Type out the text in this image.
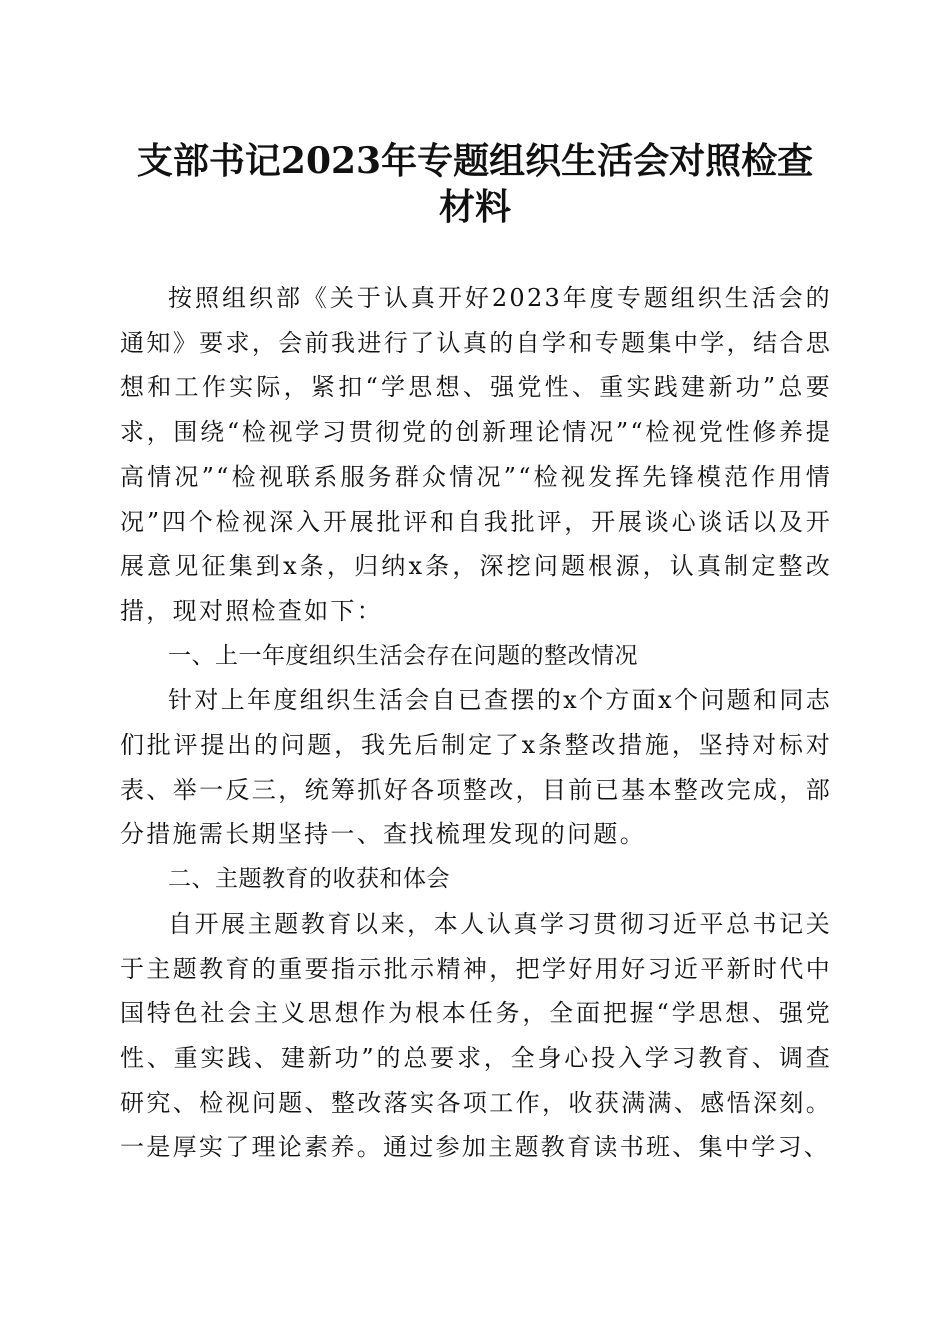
支部书记2023年专题组织生活会对照检查材料

按照组织部《关于认真开好2023年度专题组织生活会的通知》要求，会前我进行了认真的自学和专题集中学，结合思想和工作实际，紧扣“学思想、强党性、重实践建新功”总要求，围绕“检视学习贯彻党的创新理论情况”“检视党性修养提高情况”“检视联系服务群众情况”“检视发挥先锋模范作用情况”四个检视深入开展批评和自我批评，开展谈心谈话以及开展意见征集到x条，归纳x条，深挖问题根源，认真制定整改措，现对照检查如下：

一、上一年度组织生活会存在问题的整改情况

针对上年度组织生活会自已查摆的x个方面x个问题和同志们批评提出的问题，我先后制定了x条整改措施，坚持对标对表、举一反三，统筹抓好各项整改，目前已基本整改完成，部分措施需长期坚持一、查找梳理发现的问题。

二、主题教育的收获和体会

自开展主题教育以来，本人认真学习贯彻习近平总书记关于主题教育的重要指示批示精神，把学好用好习近平新时代中国特色社会主义思想作为根本任务，全面把握“学思想、强党性、重实践、建新功”的总要求，全身心投入学习教育、调查研究、检视问题、整改落实各项工作，收获满满、感悟深刻。一是厚实了理论素养。通过参加主题教育读书班、集中学习、
